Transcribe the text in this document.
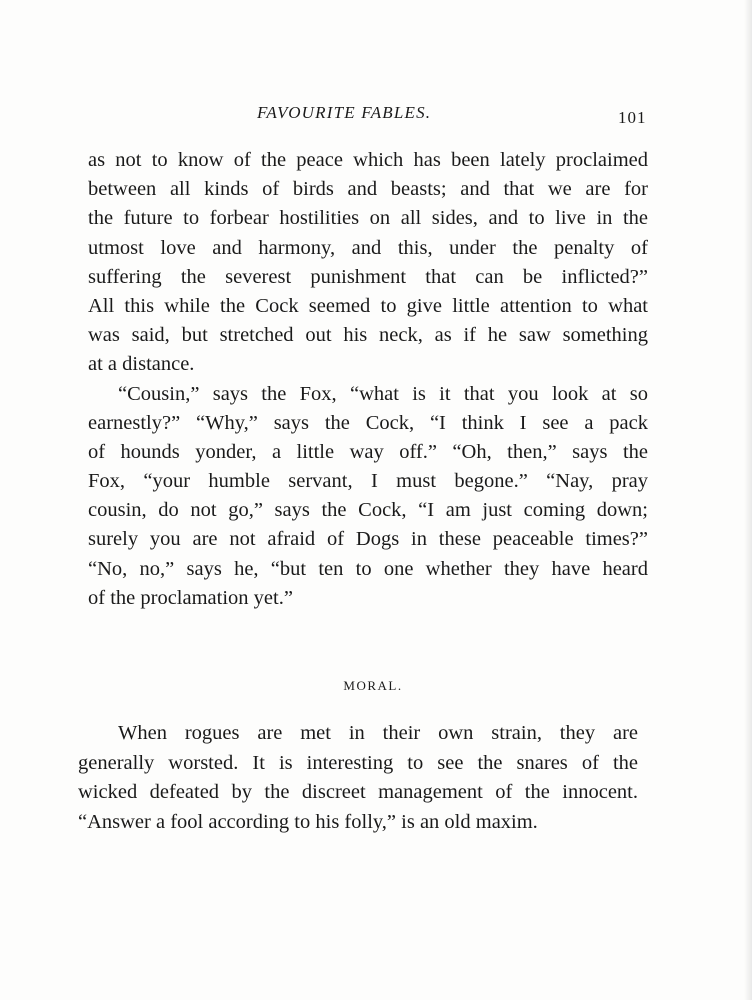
FAVOURITE FABLES.	101
as not to know of the peace which has been lately proclaimed
between all kinds of birds and beasts; and that we are for
the future to forbear hostilities on all sides, and to live in the
utmost love and harmony, and this, under the penalty of
suffering the severest punishment that can be inflicted?”
All this while the Cock seemed to give little attention to what
was said, but stretched out his neck, as if he saw something
at a distance.
“Cousin,” says the Fox, “what is it that you look at so
earnestly?” “Why,” says the Cock, “I think I see a pack
of hounds yonder, a little way off.” “Oh, then,” says the
Fox, “your humble servant, I must begone.” “Nay, pray
cousin, do not go,” says the Cock, “I am just coming down;
surely you are not afraid of Dogs in these peaceable times?”
“No, no,” says he, “but ten to one whether they have heard
of the proclamation yet.”
MORAL.
When rogues are met in their own strain, they are
generally worsted. It is interesting to see the snares of the
wicked defeated by the discreet management of the innocent.
“Answer a fool according to his folly,” is an old maxim.
